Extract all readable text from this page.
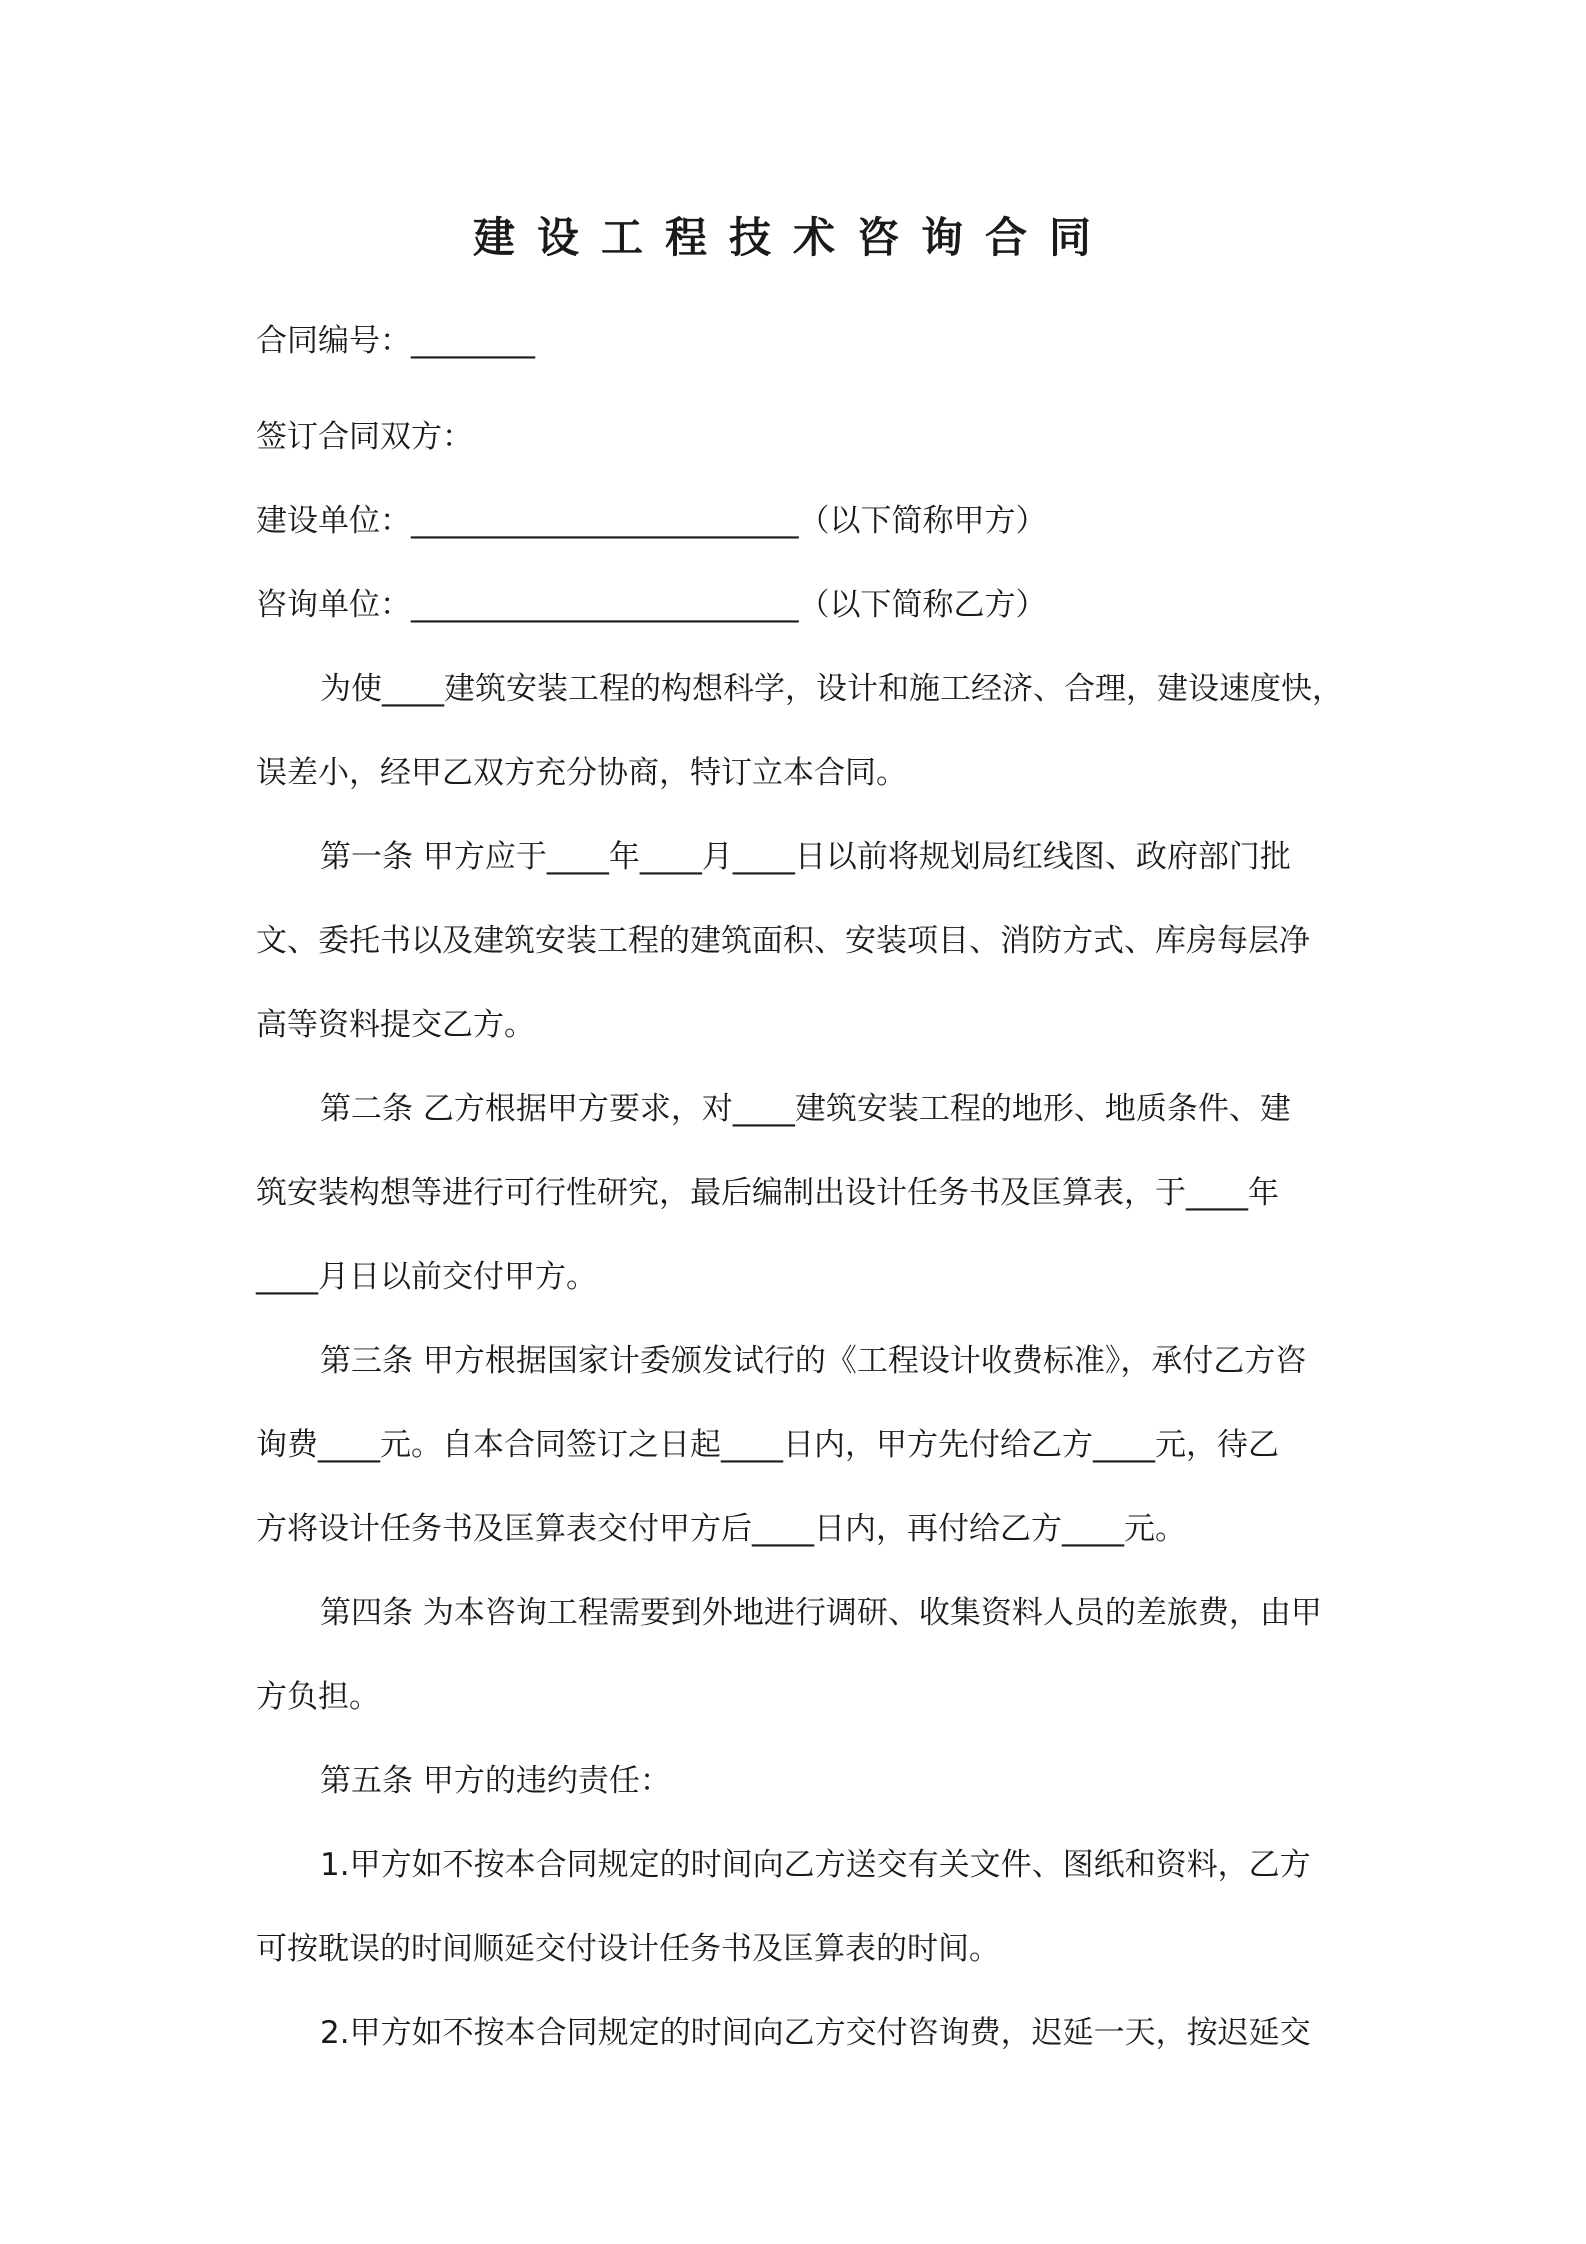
建设工程技术咨询合同
合同编号：________
签订合同双方：
建设单位：_________________________（以下简称甲方）
咨询单位：_________________________（以下简称乙方）
为使____建筑安装工程的构想科学，设计和施工经济、合理，建设速度快，
误差小，经甲乙双方充分协商，特订立本合同。
第一条 甲方应于____年____月____日以前将规划局红线图、政府部门批
文、委托书以及建筑安装工程的建筑面积、安装项目、消防方式、库房每层净
高等资料提交乙方。
第二条 乙方根据甲方要求，对____建筑安装工程的地形、地质条件、建
筑安装构想等进行可行性研究，最后编制出设计任务书及匡算表，于____年
____月日以前交付甲方。
第三条 甲方根据国家计委颁发试行的《工程设计收费标准》，承付乙方咨
询费____元。自本合同签订之日起____日内，甲方先付给乙方____元，待乙
方将设计任务书及匡算表交付甲方后____日内，再付给乙方____元。
第四条 为本咨询工程需要到外地进行调研、收集资料人员的差旅费，由甲
方负担。
第五条 甲方的违约责任：
1.甲方如不按本合同规定的时间向乙方送交有关文件、图纸和资料，乙方
可按耽误的时间顺延交付设计任务书及匡算表的时间。
2.甲方如不按本合同规定的时间向乙方交付咨询费，迟延一天，按迟延交
